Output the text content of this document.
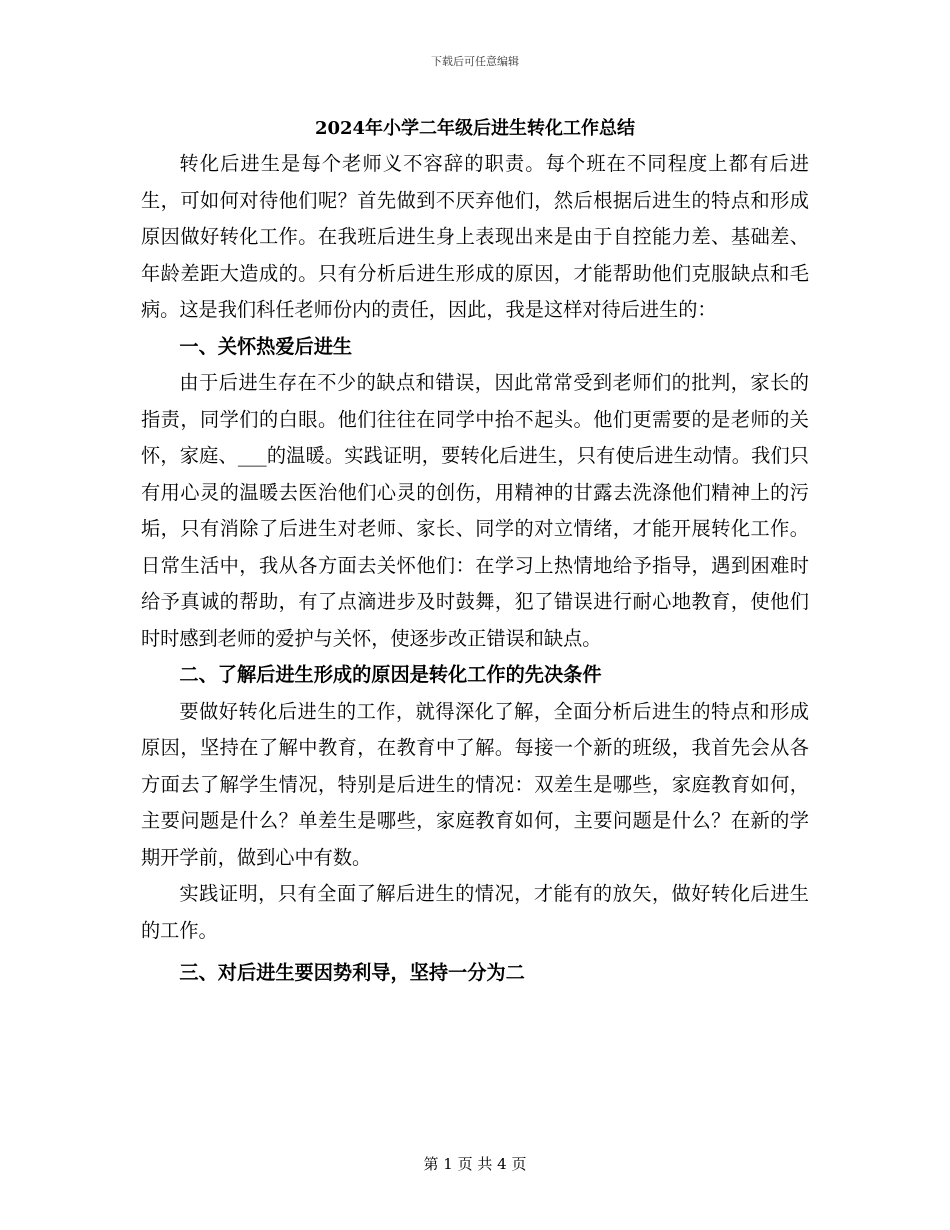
下载后可任意编辑
2024年小学二年级后进生转化工作总结

转化后进生是每个老师义不容辞的职责。每个班在不同程度上都有后进生，可如何对待他们呢？首先做到不厌弃他们，然后根据后进生的特点和形成原因做好转化工作。在我班后进生身上表现出来是由于自控能力差、基础差、年龄差距大造成的。只有分析后进生形成的原因，才能帮助他们克服缺点和毛病。这是我们科任老师份内的责任，因此，我是这样对待后进生的：

一、关怀热爱后进生

由于后进生存在不少的缺点和错误，因此常常受到老师们的批判，家长的指责，同学们的白眼。他们往往在同学中抬不起头。他们更需要的是老师的关怀，家庭、___的温暖。实践证明，要转化后进生，只有使后进生动情。我们只有用心灵的温暖去医治他们心灵的创伤，用精神的甘露去洗涤他们精神上的污垢，只有消除了后进生对老师、家长、同学的对立情绪，才能开展转化工作。日常生活中，我从各方面去关怀他们：在学习上热情地给予指导，遇到困难时给予真诚的帮助，有了点滴进步及时鼓舞，犯了错误进行耐心地教育，使他们时时感到老师的爱护与关怀，使逐步改正错误和缺点。

二、了解后进生形成的原因是转化工作的先决条件

要做好转化后进生的工作，就得深化了解，全面分析后进生的特点和形成原因，坚持在了解中教育，在教育中了解。每接一个新的班级，我首先会从各方面去了解学生情况，特别是后进生的情况：双差生是哪些，家庭教育如何，主要问题是什么？单差生是哪些，家庭教育如何，主要问题是什么？在新的学期开学前，做到心中有数。

实践证明，只有全面了解后进生的情况，才能有的放矢，做好转化后进生的工作。

三、对后进生要因势利导，坚持一分为二
第 1 页 共 4 页
